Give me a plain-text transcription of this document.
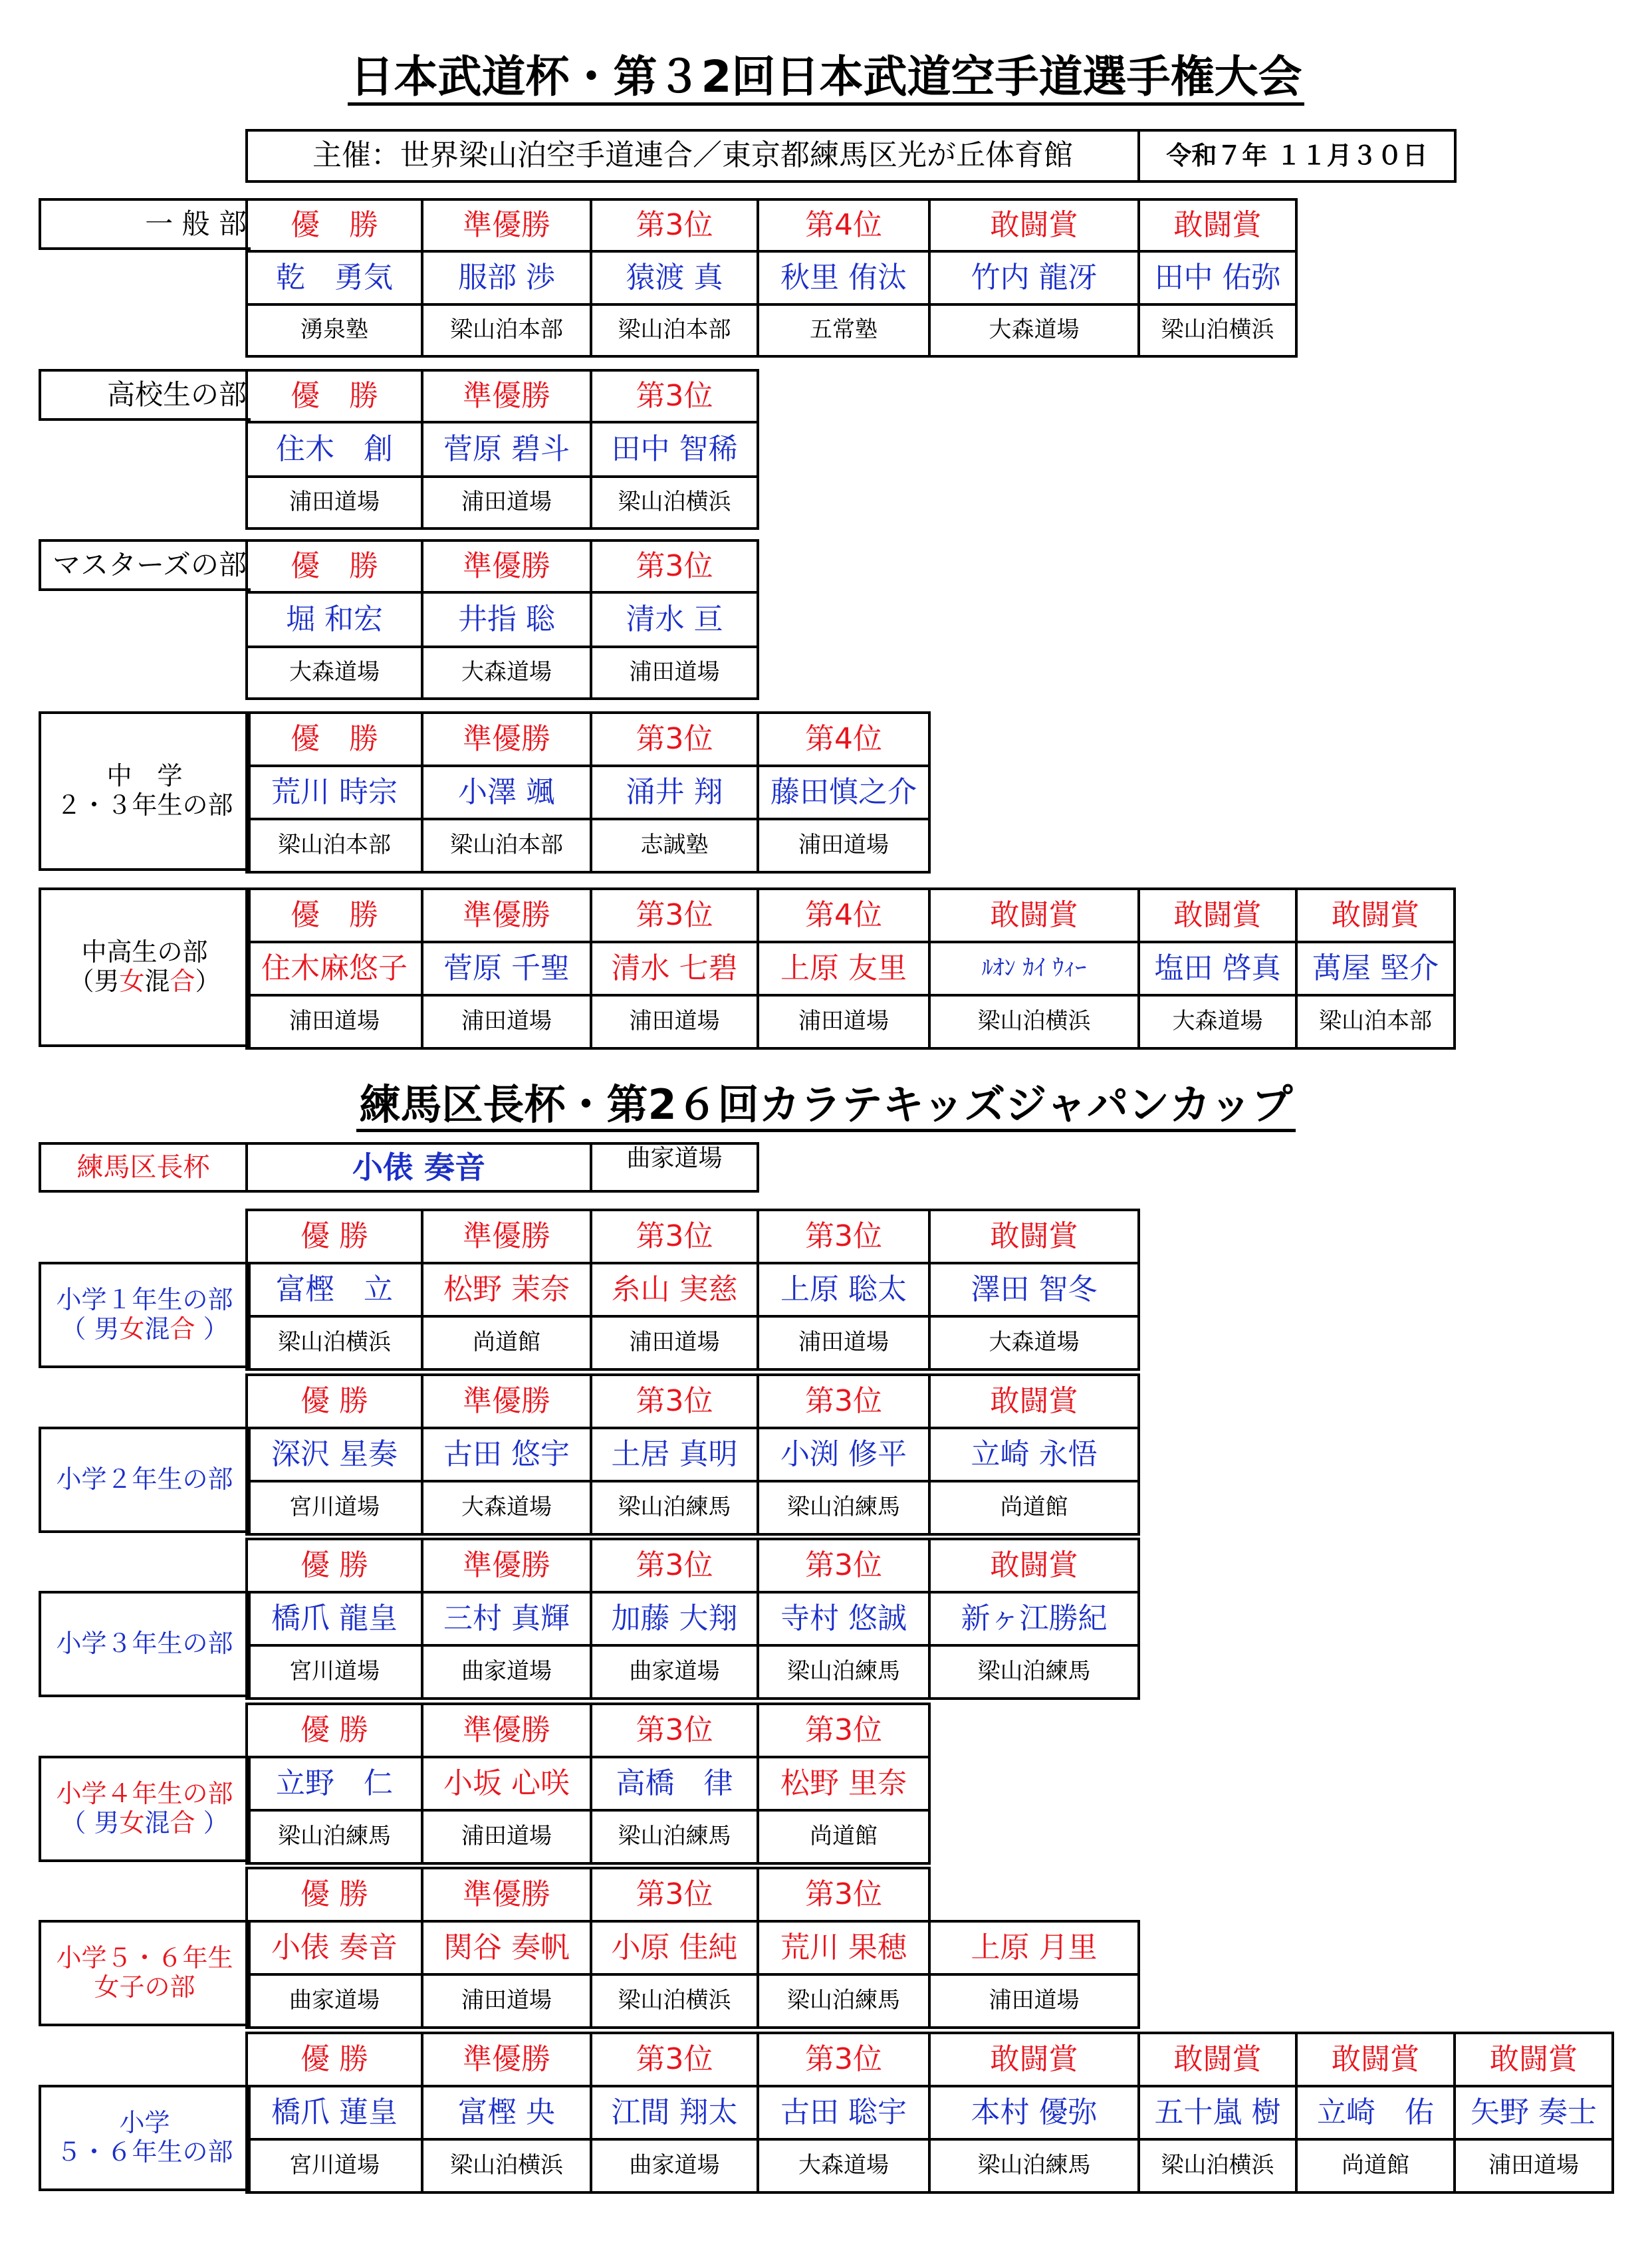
日本武道杯・第３2回日本武道空手道選手権大会
主催：世界梁山泊空手道連合／東京都練馬区光が丘体育館	令和７年 １１月３０日
練馬区長杯・第2６回カラテキッズジャパンカップ
練馬区長杯	小俵 奏音	曲家道場
一 般 部	優　勝	準優勝	第3位	第4位	敢闘賞	敢闘賞
乾　勇気	服部 渉	猿渡 真	秋里 侑汰	竹内 龍冴	田中 佑弥
湧泉塾	梁山泊本部	梁山泊本部	五常塾	大森道場	梁山泊横浜
高校生の部	優　勝	準優勝	第3位
住木　創	菅原 碧斗	田中 智稀
浦田道場	浦田道場	梁山泊横浜
マスターズの部	優　勝	準優勝	第3位
堀 和宏	井指 聡	清水 亘
大森道場	大森道場	浦田道場
中　学
２・３年生の部
優　勝	準優勝	第3位	第4位
荒川 時宗	小澤 颯	涌井 翔	藤田慎之介
梁山泊本部	梁山泊本部	志誠塾	浦田道場
中高生の部
（男女混合）
優　勝	準優勝	第3位	第4位	敢闘賞	敢闘賞	敢闘賞
住木麻悠子	菅原 千聖	清水 七碧	上原 友里	ﾙｵﾝ ｶｲ ｳｨｰ	塩田 啓真	萬屋 堅介
浦田道場	浦田道場	浦田道場	浦田道場	梁山泊横浜	大森道場	梁山泊本部
小学１年生の部
（ 男女混合 ）
優 勝	準優勝	第3位	第3位	敢闘賞
富樫　立	松野 茉奈	糸山 実慈	上原 聡太	澤田 智冬
梁山泊横浜	尚道館	浦田道場	浦田道場	大森道場
小学２年生の部
優 勝	準優勝	第3位	第3位	敢闘賞
深沢 星奏	古田 悠宇	土居 真明	小渕 修平	立崎 永悟
宮川道場	大森道場	梁山泊練馬	梁山泊練馬	尚道館
小学３年生の部
優 勝	準優勝	第3位	第3位	敢闘賞
橋爪 龍皇	三村 真輝	加藤 大翔	寺村 悠誠	新ヶ江勝紀
宮川道場	曲家道場	曲家道場	梁山泊練馬	梁山泊練馬
小学４年生の部
（ 男女混合 ）
優 勝	準優勝	第3位	第3位
立野　仁	小坂 心咲	高橋　律	松野 里奈
梁山泊練馬	浦田道場	梁山泊練馬	尚道館
小学５・６年生
女子の部
優 勝	準優勝	第3位	第3位
小俵 奏音	関谷 奏帆	小原 佳純	荒川 果穂	上原 月里
曲家道場	浦田道場	梁山泊横浜	梁山泊練馬	浦田道場
小学
５・６年生の部
優 勝	準優勝	第3位	第3位	敢闘賞	敢闘賞	敢闘賞	敢闘賞
橋爪 蓮皇	富樫 央	江間 翔太	古田 聡宇	本村 優弥	五十嵐 樹	立崎　佑	矢野 奏士
宮川道場	梁山泊横浜	曲家道場	大森道場	梁山泊練馬	梁山泊横浜	尚道館	浦田道場
